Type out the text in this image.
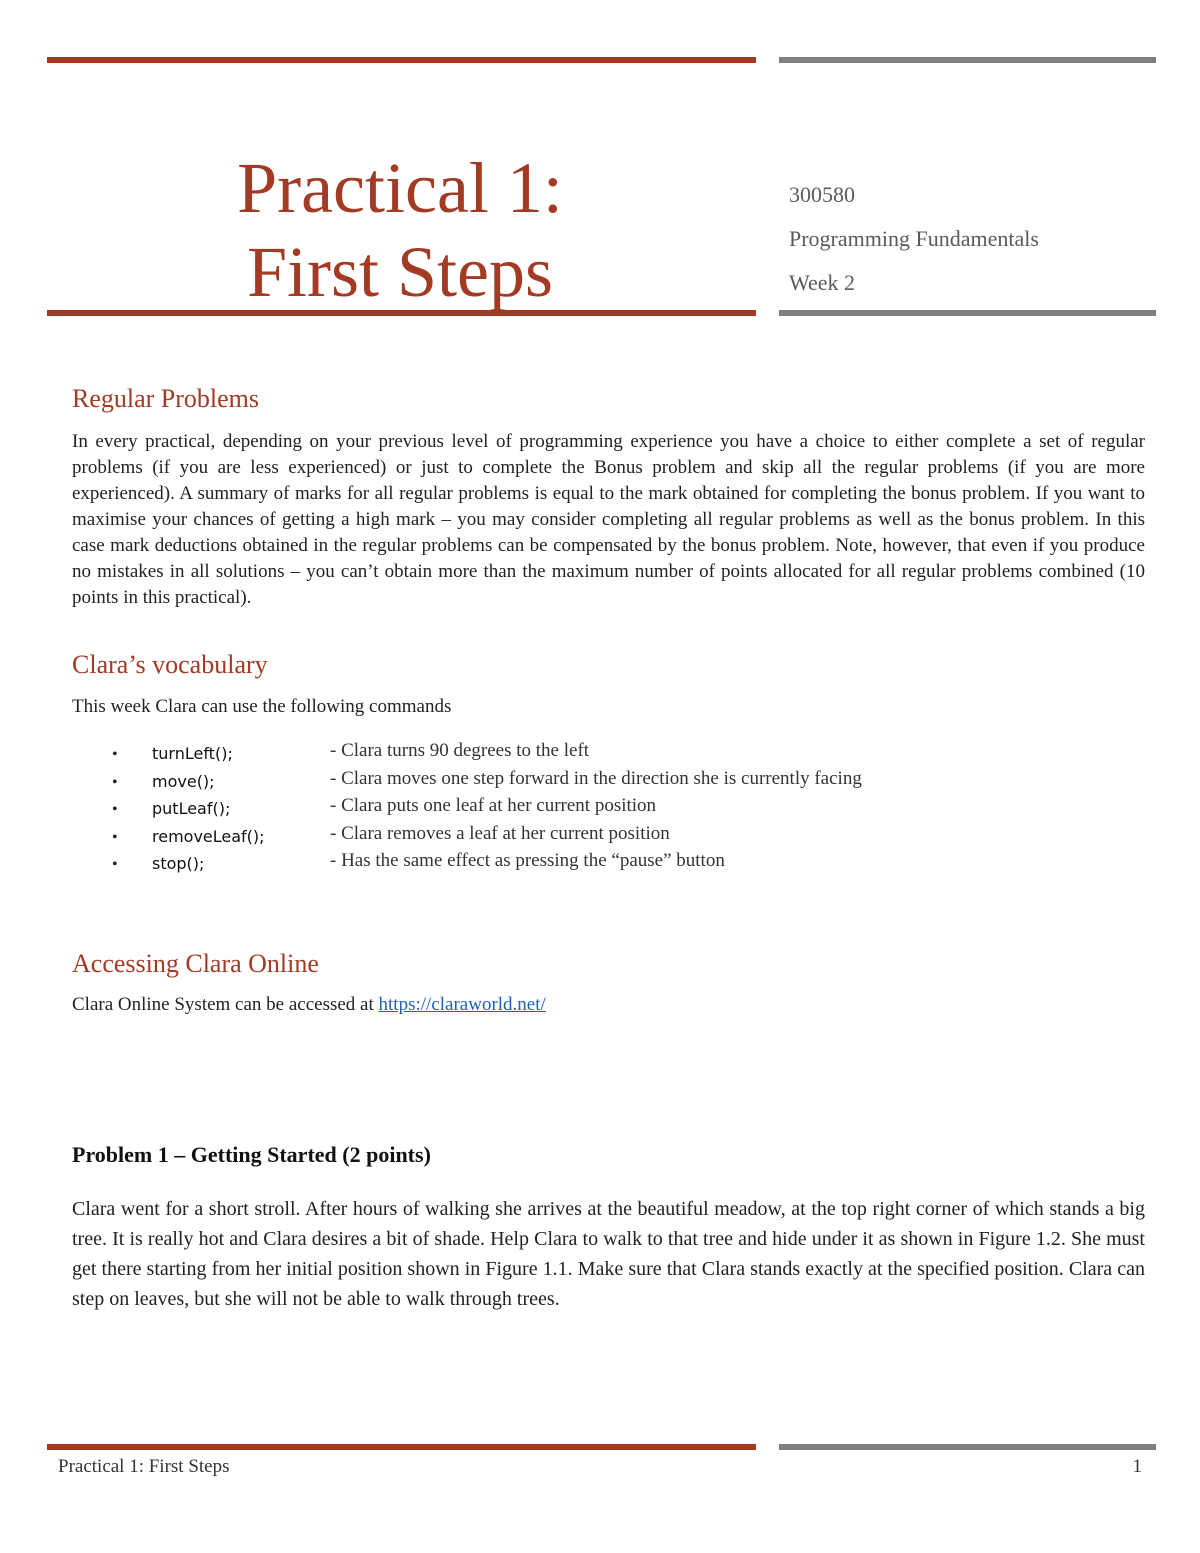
Practical 1:
First Steps
300580
Programming Fundamentals
Week 2
Regular Problems

In every practical, depending on your previous level of programming experience you have a choice to either complete a set of regular problems (if you are less experienced) or just to complete the Bonus problem and skip all the regular problems (if you are more experienced). A summary of marks for all regular problems is equal to the mark obtained for completing the bonus problem. If you want to maximise your chances of getting a high mark – you may consider completing all regular problems as well as the bonus problem. In this case mark deductions obtained in the regular problems can be compensated by the bonus problem. Note, however, that even if you produce no mistakes in all solutions – you can’t obtain more than the maximum number of points allocated for all regular problems combined (10 points in this practical).

Clara’s vocabulary
This week Clara can use the following commands
• turnLeft();	- Clara turns 90 degrees to the left
• move();	- Clara moves one step forward in the direction she is currently facing
• putLeaf();	- Clara puts one leaf at her current position
• removeLeaf();	- Clara removes a leaf at her current position
• stop();	- Has the same effect as pressing the “pause” button
Accessing Clara Online
Clara Online System can be accessed at https://claraworld.net/
Problem 1 – Getting Started (2 points)

Clara went for a short stroll. After hours of walking she arrives at the beautiful meadow, at the top right corner of which stands a big tree. It is really hot and Clara desires a bit of shade. Help Clara to walk to that tree and hide under it as shown in Figure 1.2. She must get there starting from her initial position shown in Figure 1.1. Make sure that Clara stands exactly at the specified position. Clara can step on leaves, but she will not be able to walk through trees.

Practical 1: First Steps	1
